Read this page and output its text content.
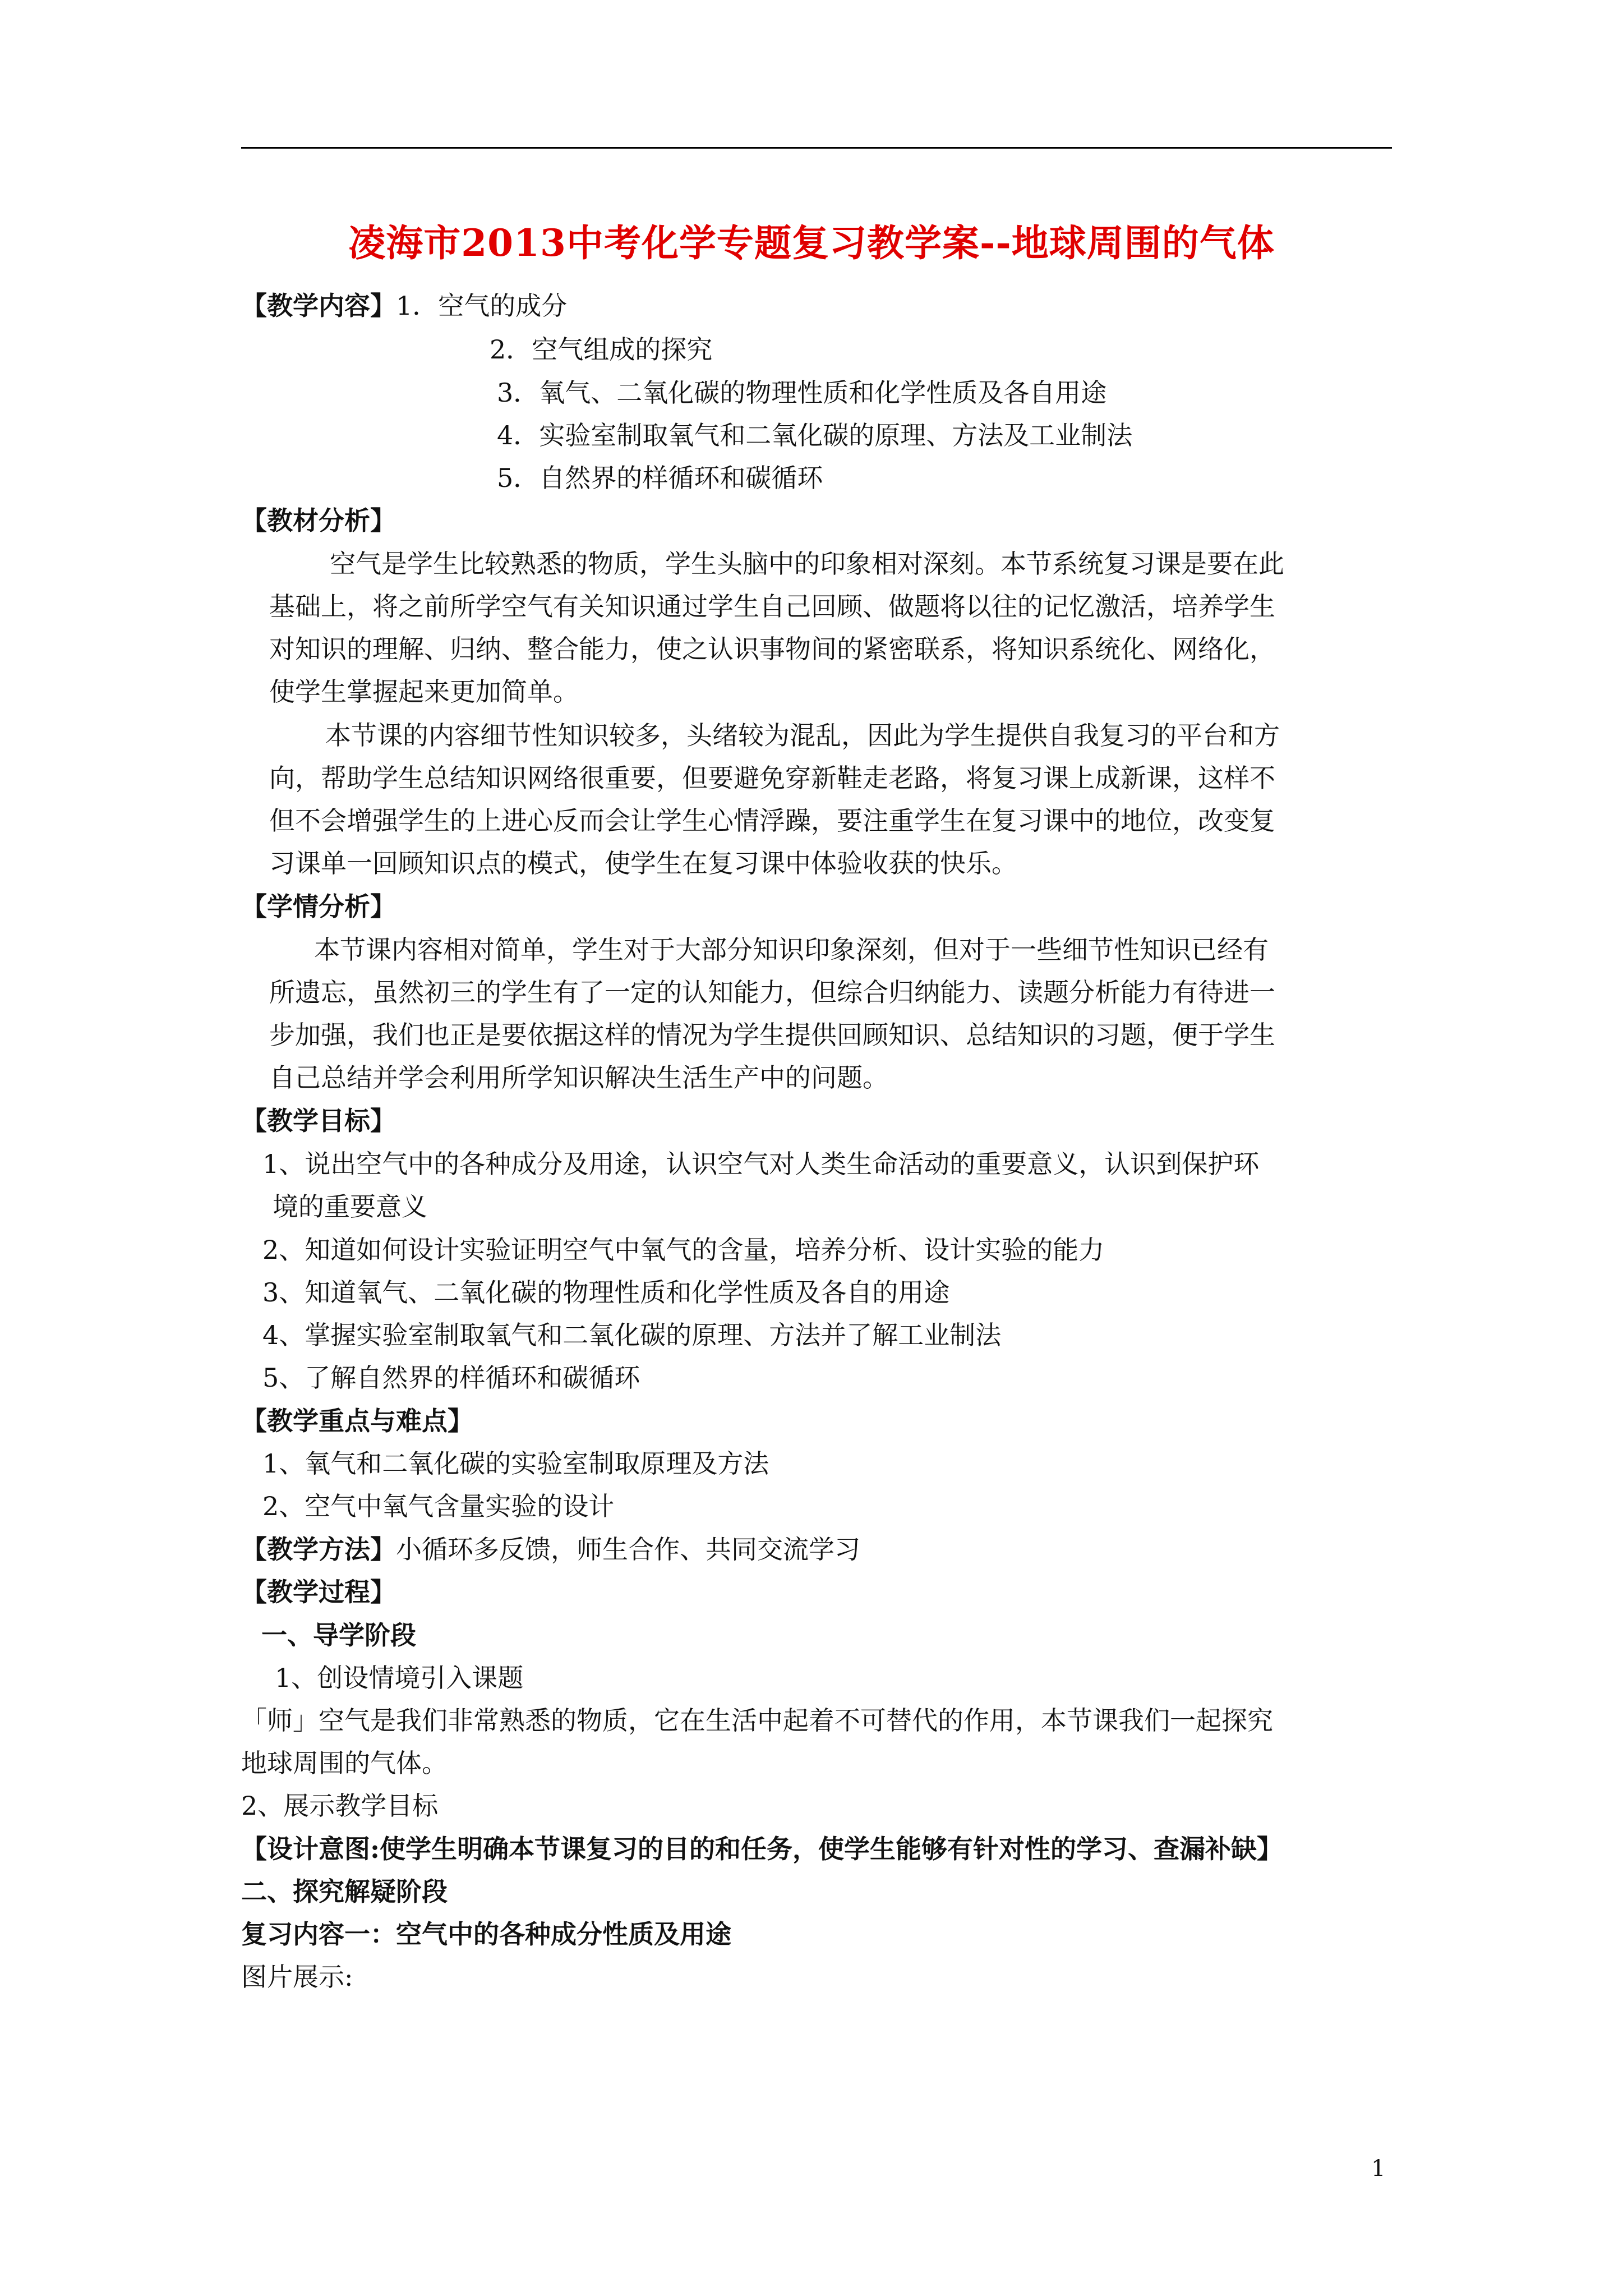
凌海市2013中考化学专题复习教学案--地球周围的气体
【教学内容】1．空气的成分
2．空气组成的探究
3．氧气、二氧化碳的物理性质和化学性质及各自用途
4．实验室制取氧气和二氧化碳的原理、方法及工业制法
5．自然界的样循环和碳循环
【教材分析】
空气是学生比较熟悉的物质，学生头脑中的印象相对深刻。本节系统复习课是要在此
基础上，将之前所学空气有关知识通过学生自己回顾、做题将以往的记忆激活，培养学生
对知识的理解、归纳、整合能力，使之认识事物间的紧密联系，将知识系统化、网络化，
使学生掌握起来更加简单。
本节课的内容细节性知识较多，头绪较为混乱，因此为学生提供自我复习的平台和方
向，帮助学生总结知识网络很重要，但要避免穿新鞋走老路，将复习课上成新课，这样不
但不会增强学生的上进心反而会让学生心情浮躁，要注重学生在复习课中的地位，改变复
习课单一回顾知识点的模式，使学生在复习课中体验收获的快乐。
【学情分析】
本节课内容相对简单，学生对于大部分知识印象深刻，但对于一些细节性知识已经有
所遗忘，虽然初三的学生有了一定的认知能力，但综合归纳能力、读题分析能力有待进一
步加强，我们也正是要依据这样的情况为学生提供回顾知识、总结知识的习题，便于学生
自己总结并学会利用所学知识解决生活生产中的问题。
【教学目标】
1、说出空气中的各种成分及用途，认识空气对人类生命活动的重要意义，认识到保护环
境的重要意义
2、知道如何设计实验证明空气中氧气的含量，培养分析、设计实验的能力
3、知道氧气、二氧化碳的物理性质和化学性质及各自的用途
4、掌握实验室制取氧气和二氧化碳的原理、方法并了解工业制法
5、了解自然界的样循环和碳循环
【教学重点与难点】
1、氧气和二氧化碳的实验室制取原理及方法
2、空气中氧气含量实验的设计
【教学方法】小循环多反馈，师生合作、共同交流学习
【教学过程】
一、导学阶段
1、创设情境引入课题
「师」空气是我们非常熟悉的物质，它在生活中起着不可替代的作用，本节课我们一起探究
地球周围的气体。
2、展示教学目标
【设计意图:使学生明确本节课复习的目的和任务，使学生能够有针对性的学习、查漏补缺】
二、探究解疑阶段
复习内容一：空气中的各种成分性质及用途
图片展示:
1
